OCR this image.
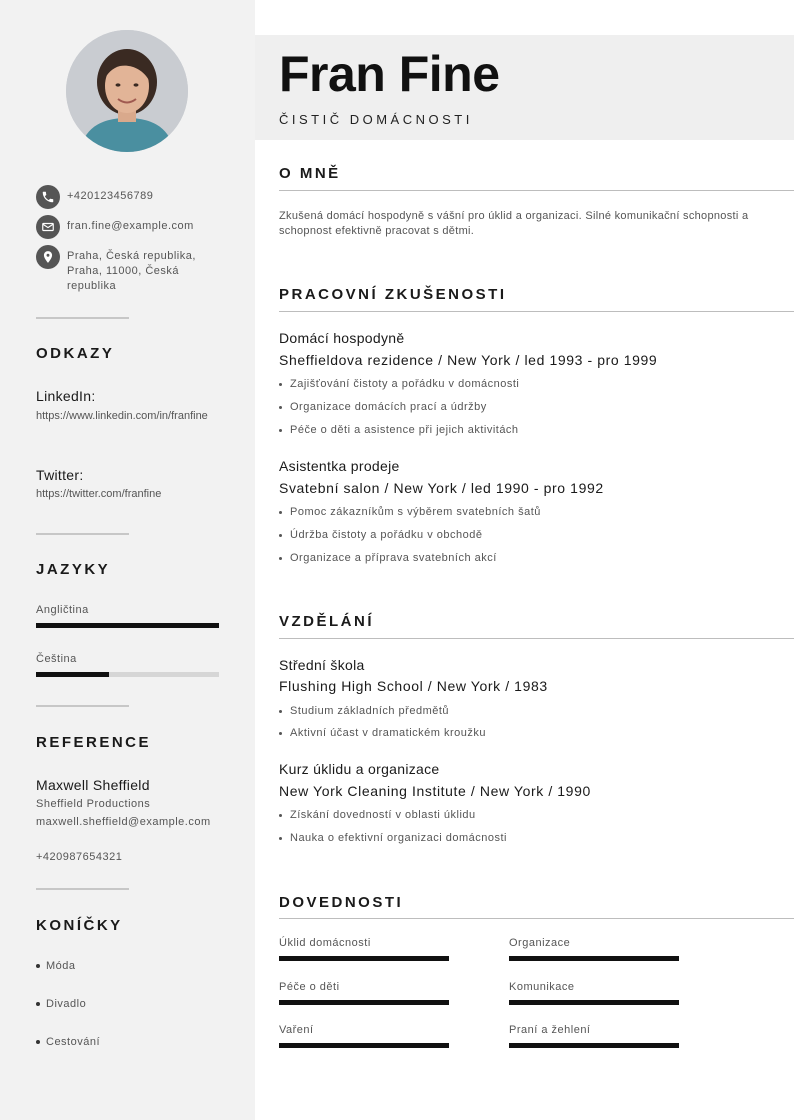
+420123456789
fran.fine@example.com
Praha, Česká republika, Praha, 11000, Česká republika
ODKAZY
LinkedIn:
https://www.linkedin.com/in/franfine
Twitter:
https://twitter.com/franfine
JAZYKY
Angličtina
Čeština
REFERENCE
Maxwell Sheffield
Sheffield Productions
maxwell.sheffield@example.com
+420987654321
KONÍČKY
Móda
Divadlo
Cestování
Fran Fine
ČISTIČ DOMÁCNOSTI
O MNĚ
Zkušená domácí hospodyně s vášní pro úklid a organizaci. Silné komunikační schopnosti a schopnost efektivně pracovat s dětmi.
PRACOVNÍ ZKUŠENOSTI
Domácí hospodyně
Sheffieldova rezidence / New York / led 1993 - pro 1999
Zajišťování čistoty a pořádku v domácnosti
Organizace domácích prací a údržby
Péče o děti a asistence při jejich aktivitách
Asistentka prodeje
Svatební salon / New York / led 1990 - pro 1992
Pomoc zákazníkům s výběrem svatebních šatů
Údržba čistoty a pořádku v obchodě
Organizace a příprava svatebních akcí
VZDĚLÁNÍ
Střední škola
Flushing High School / New York / 1983
Studium základních předmětů
Aktivní účast v dramatickém kroužku
Kurz úklidu a organizace
New York Cleaning Institute / New York / 1990
Získání dovedností v oblasti úklidu
Nauka o efektivní organizaci domácnosti
DOVEDNOSTI
Úklid domácnosti	Organizace
Péče o děti	Komunikace
Vaření	Praní a žehlení
